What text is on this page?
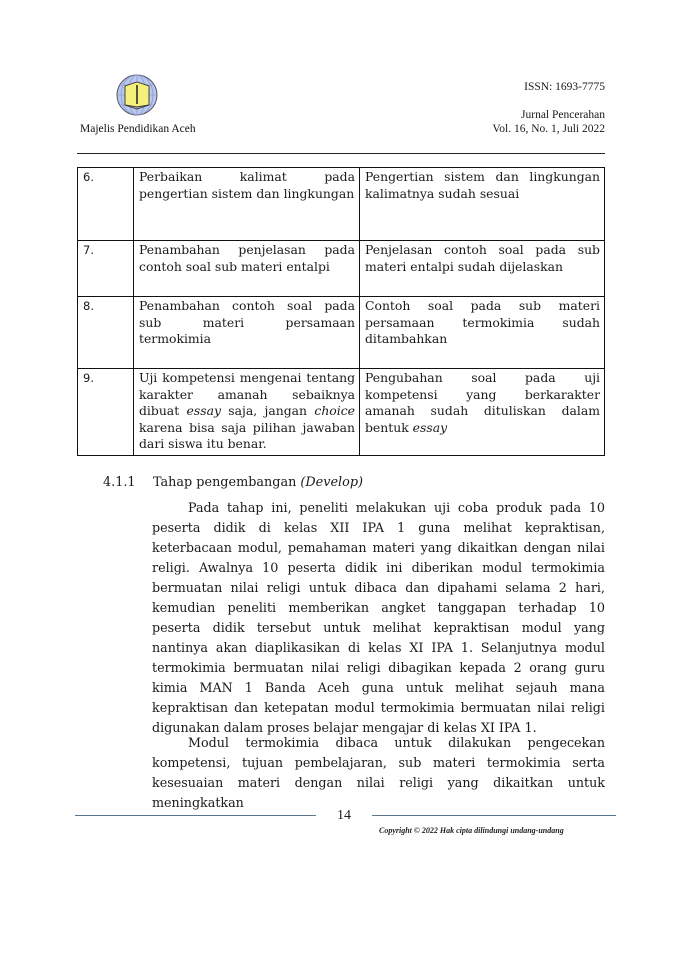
Majelis Pendidikan Aceh
ISSN: 1693-7775
Jurnal Pencerahan
Vol. 16, No. 1, Juli 2022
6.	Perbaikan kalimat pada pengertian sistem dan lingkungan	Pengertian sistem dan lingkungan kalimatnya sudah sesuai
7.	Penambahan penjelasan pada contoh soal sub materi entalpi	Penjelasan contoh soal pada sub materi entalpi sudah dijelaskan
8.	Penambahan contoh soal pada sub materi persamaan termokimia	Contoh soal pada sub materi persamaan termokimia sudah ditambahkan
9.	Uji kompetensi mengenai tentang karakter amanah sebaiknya dibuat essay saja, jangan choice karena bisa saja pilihan jawaban dari siswa itu benar.	Pengubahan soal pada uji kompetensi yang berkarakter amanah sudah dituliskan dalam bentuk essay
4.1.1 Tahap pengembangan (Develop)
Pada tahap ini, peneliti melakukan uji coba produk pada 10 peserta didik di kelas XII IPA 1 guna melihat kepraktisan, keterbacaan modul, pemahaman materi yang dikaitkan dengan nilai religi. Awalnya 10 peserta didik ini diberikan modul termokimia bermuatan nilai religi untuk dibaca dan dipahami selama 2 hari, kemudian peneliti memberikan angket tanggapan terhadap 10 peserta didik tersebut untuk melihat kepraktisan modul yang nantinya akan diaplikasikan di kelas XI IPA 1. Selanjutnya modul termokimia bermuatan nilai religi dibagikan kepada 2 orang guru kimia MAN 1 Banda Aceh guna untuk melihat sejauh mana kepraktisan dan ketepatan modul termokimia bermuatan nilai religi digunakan dalam proses belajar mengajar di kelas XI IPA 1.
Modul termokimia dibaca untuk dilakukan pengecekan kompetensi, tujuan pembelajaran, sub materi termokimia serta kesesuaian materi dengan nilai religi yang dikaitkan untuk meningkatkan
14
Copyright © 2022 Hak cipta dilindungi undang-undang
